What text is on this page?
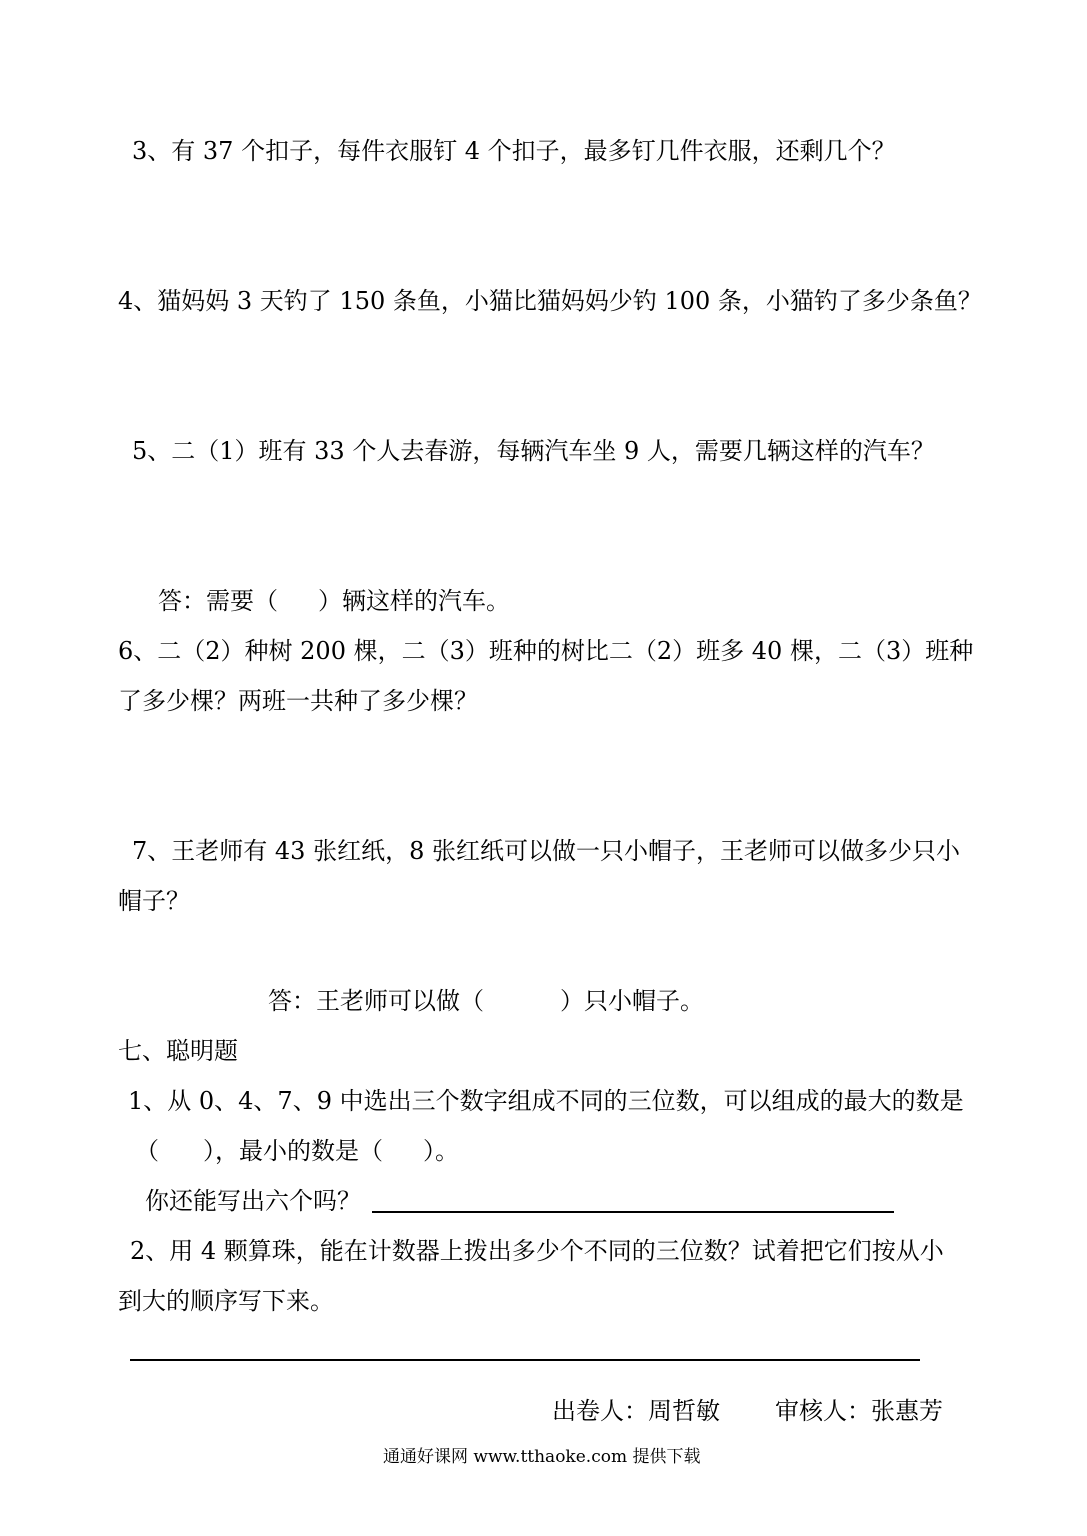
3、有 37 个扣子，每件衣服钉 4 个扣子，最多钉几件衣服，还剩几个？
4、猫妈妈 3 天钓了 150 条鱼，小猫比猫妈妈少钓 100 条，小猫钓了多少条鱼？
5、二（1）班有 33 个人去春游，每辆汽车坐 9 人，需要几辆这样的汽车？
答：需要（ ）辆这样的汽车。
6、二（2）种树 200 棵，二（3）班种的树比二（2）班多 40 棵，二（3）班种
了多少棵？两班一共种了多少棵？
7、王老师有 43 张红纸，8 张红纸可以做一只小帽子，王老师可以做多少只小
帽子？
答：王老师可以做（	）只小帽子。
七、聪明题
1、从 0、4、7、9 中选出三个数字组成不同的三位数，可以组成的最大的数是
（ ），最小的数是（ ）。
你还能写出六个吗？
2、用 4 颗算珠，能在计数器上拨出多少个不同的三位数？试着把它们按从小
到大的顺序写下来。
出卷人：周哲敏 审核人：张惠芳
通通好课网 www.tthaoke.com 提供下载
